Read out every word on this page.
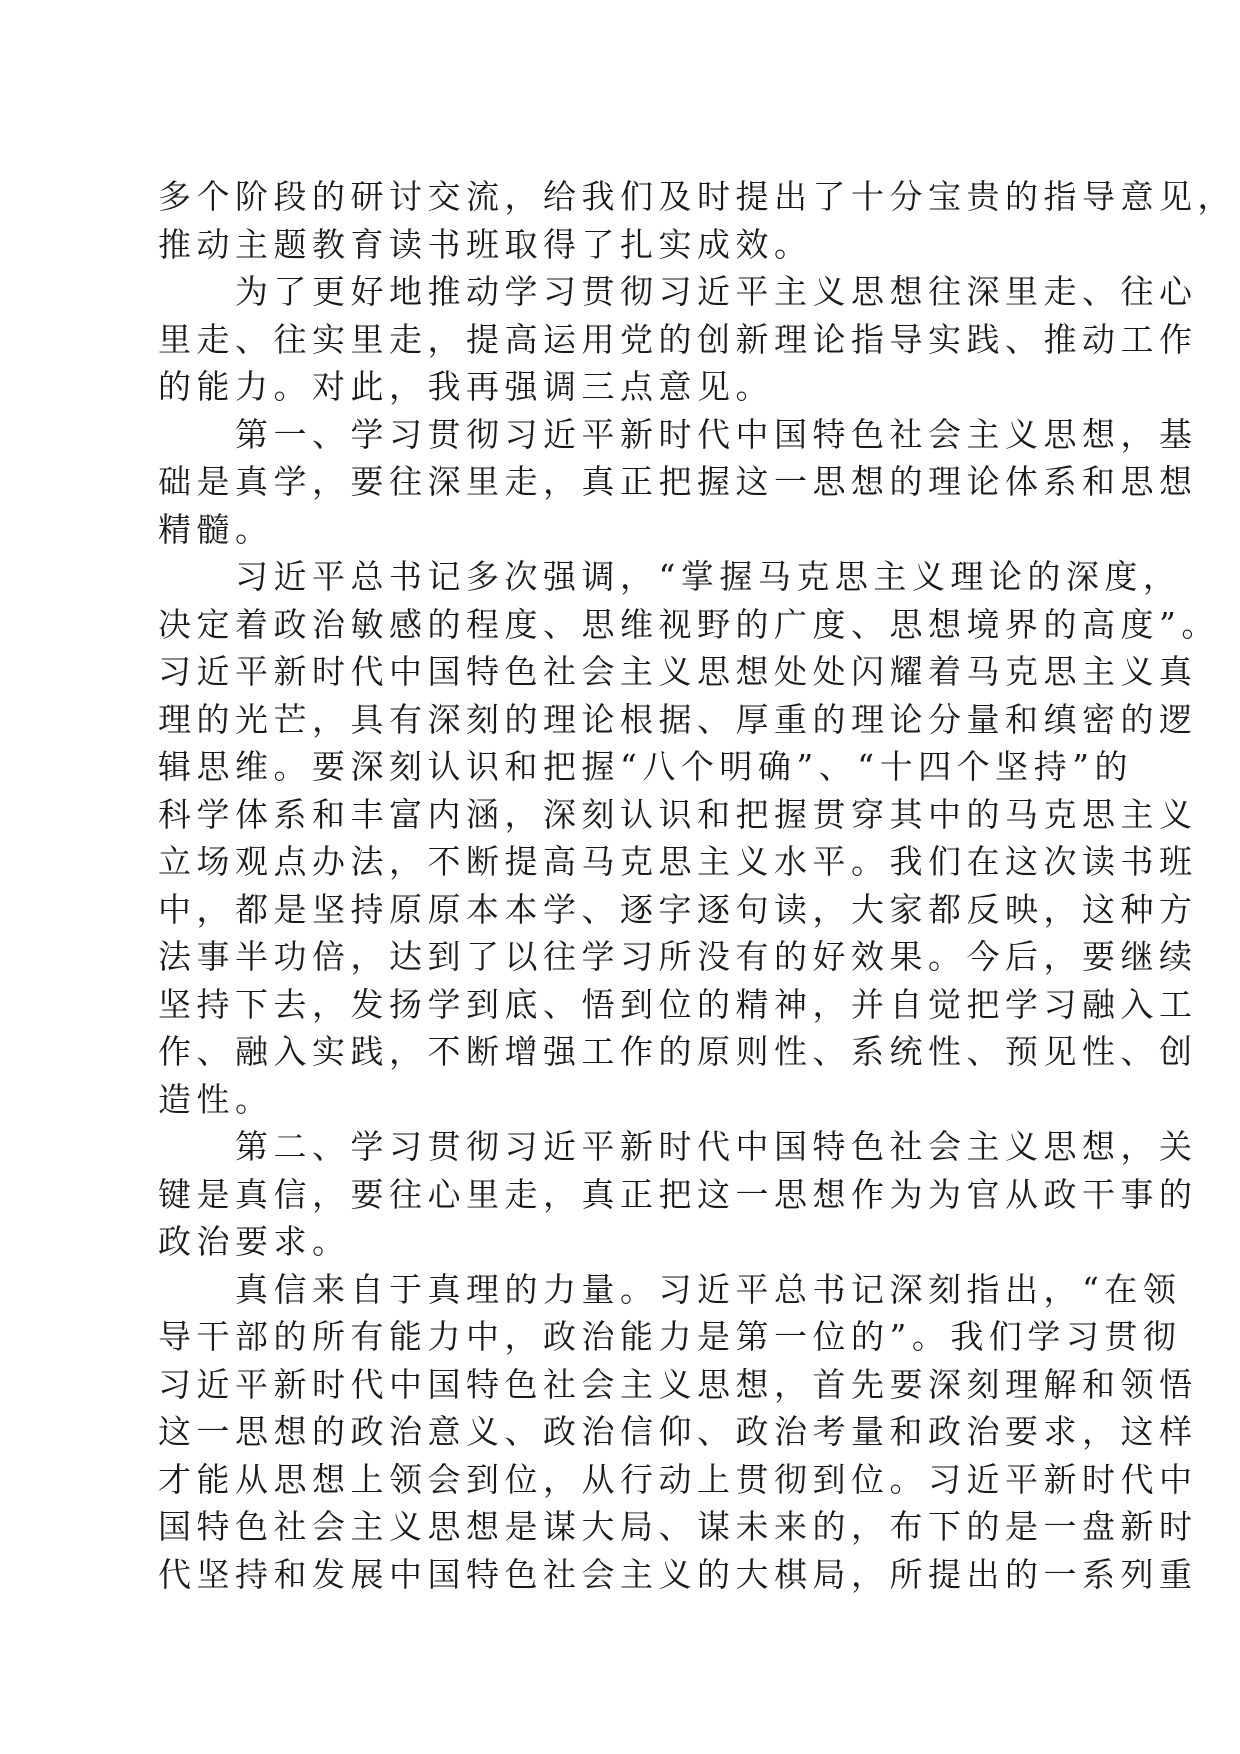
多个阶段的研讨交流，给我们及时提出了十分宝贵的指导意见，
推动主题教育读书班取得了扎实成效。
为了更好地推动学习贯彻习近平主义思想往深里走、往心
里走、往实里走，提高运用党的创新理论指导实践、推动工作
的能力。对此，我再强调三点意见。
第一、学习贯彻习近平新时代中国特色社会主义思想，基
础是真学，要往深里走，真正把握这一思想的理论体系和思想
精髓。
习近平总书记多次强调，“掌握马克思主义理论的深度，
决定着政治敏感的程度、思维视野的广度、思想境界的高度”。
习近平新时代中国特色社会主义思想处处闪耀着马克思主义真
理的光芒，具有深刻的理论根据、厚重的理论分量和缜密的逻
辑思维。要深刻认识和把握“八个明确”、“十四个坚持”的
科学体系和丰富内涵，深刻认识和把握贯穿其中的马克思主义
立场观点办法，不断提高马克思主义水平。我们在这次读书班
中，都是坚持原原本本学、逐字逐句读，大家都反映，这种方
法事半功倍，达到了以往学习所没有的好效果。今后，要继续
坚持下去，发扬学到底、悟到位的精神，并自觉把学习融入工
作、融入实践，不断增强工作的原则性、系统性、预见性、创
造性。
第二、学习贯彻习近平新时代中国特色社会主义思想，关
键是真信，要往心里走，真正把这一思想作为为官从政干事的
政治要求。
真信来自于真理的力量。习近平总书记深刻指出，“在领
导干部的所有能力中，政治能力是第一位的”。我们学习贯彻
习近平新时代中国特色社会主义思想，首先要深刻理解和领悟
这一思想的政治意义、政治信仰、政治考量和政治要求，这样
才能从思想上领会到位，从行动上贯彻到位。习近平新时代中
国特色社会主义思想是谋大局、谋未来的，布下的是一盘新时
代坚持和发展中国特色社会主义的大棋局，所提出的一系列重
